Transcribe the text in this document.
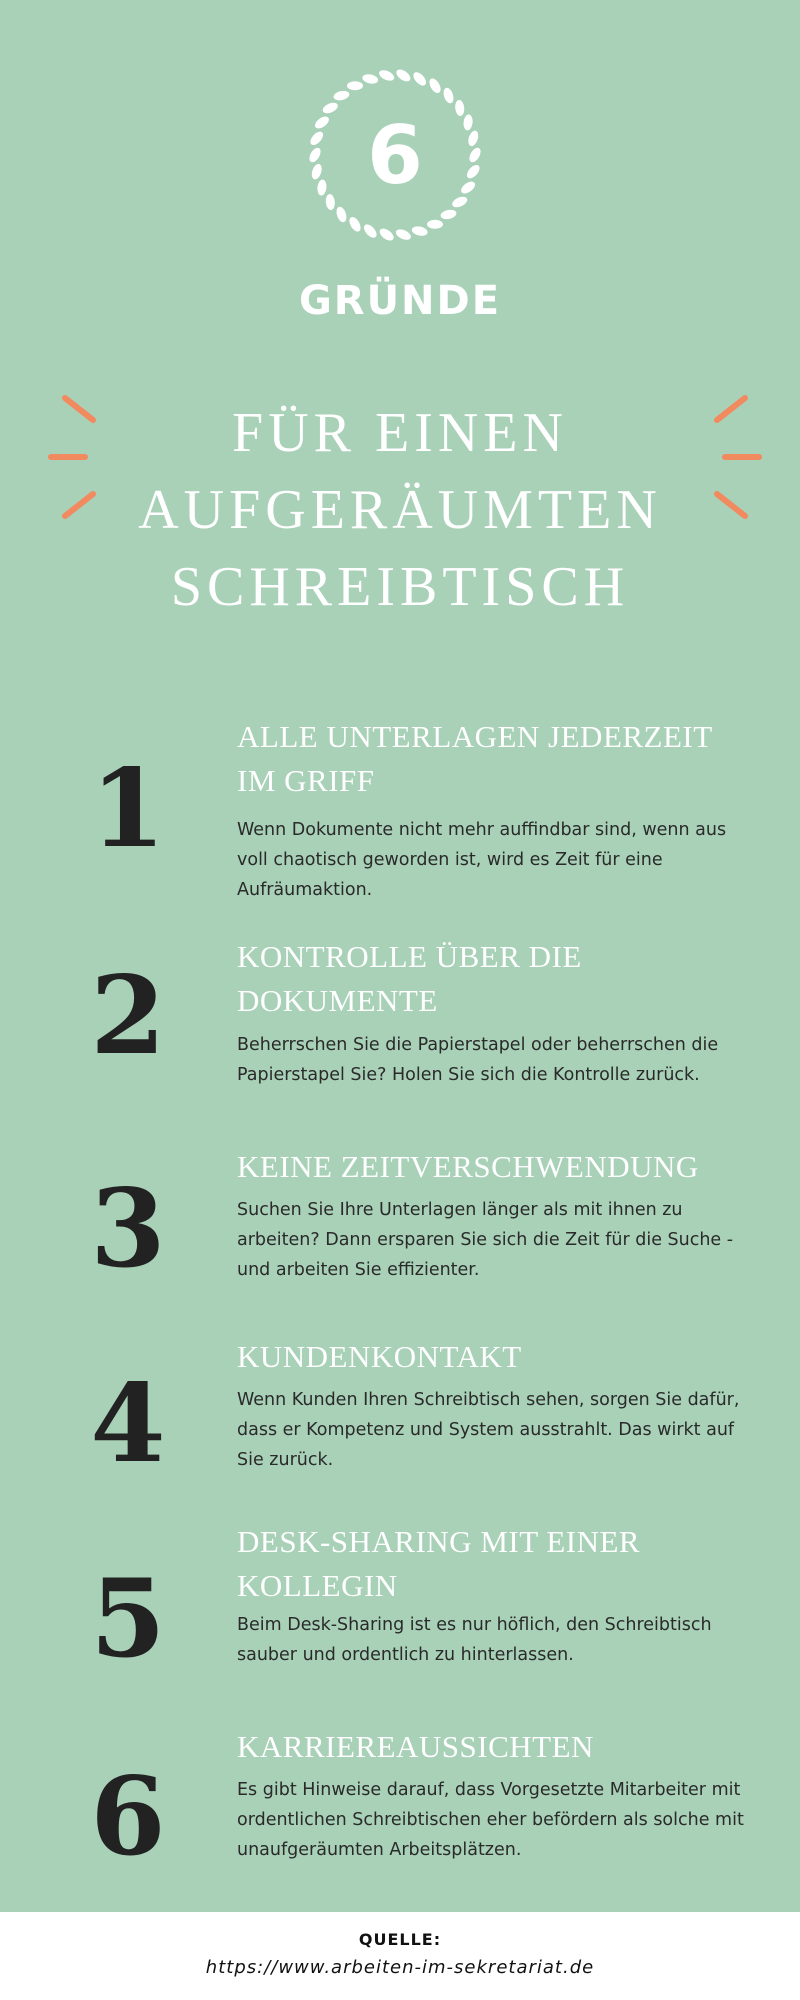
6
GRÜNDE
FÜR EINEN
AUFGERÄUMTEN
SCHREIBTISCH
1
ALLE UNTERLAGEN JEDERZEIT IM GRIFF
Wenn Dokumente nicht mehr auffindbar sind, wenn aus voll chaotisch geworden ist, wird es Zeit für eine Aufräumaktion.
2	KONTROLLE ÜBER DIE DOKUMENTE
Beherrschen Sie die Papierstapel oder beherrschen die Papierstapel Sie? Holen Sie sich die Kontrolle zurück.
3	KEINE ZEITVERSCHWENDUNG
Suchen Sie Ihre Unterlagen länger als mit ihnen zu arbeiten? Dann ersparen Sie sich die Zeit für die Suche - und arbeiten Sie effizienter.
4
KUNDENKONTAKT
Wenn Kunden Ihren Schreibtisch sehen, sorgen Sie dafür, dass er Kompetenz und System ausstrahlt. Das wirkt auf Sie zurück.
5
DESK-SHARING MIT EINER KOLLEGIN
Beim Desk-Sharing ist es nur höflich, den Schreibtisch sauber und ordentlich zu hinterlassen.
6
KARRIEREAUSSICHTEN
Es gibt Hinweise darauf, dass Vorgesetzte Mitarbeiter mit ordentlichen Schreibtischen eher befördern als solche mit unaufgeräumten Arbeitsplätzen.
QUELLE:
https://www.arbeiten-im-sekretariat.de
